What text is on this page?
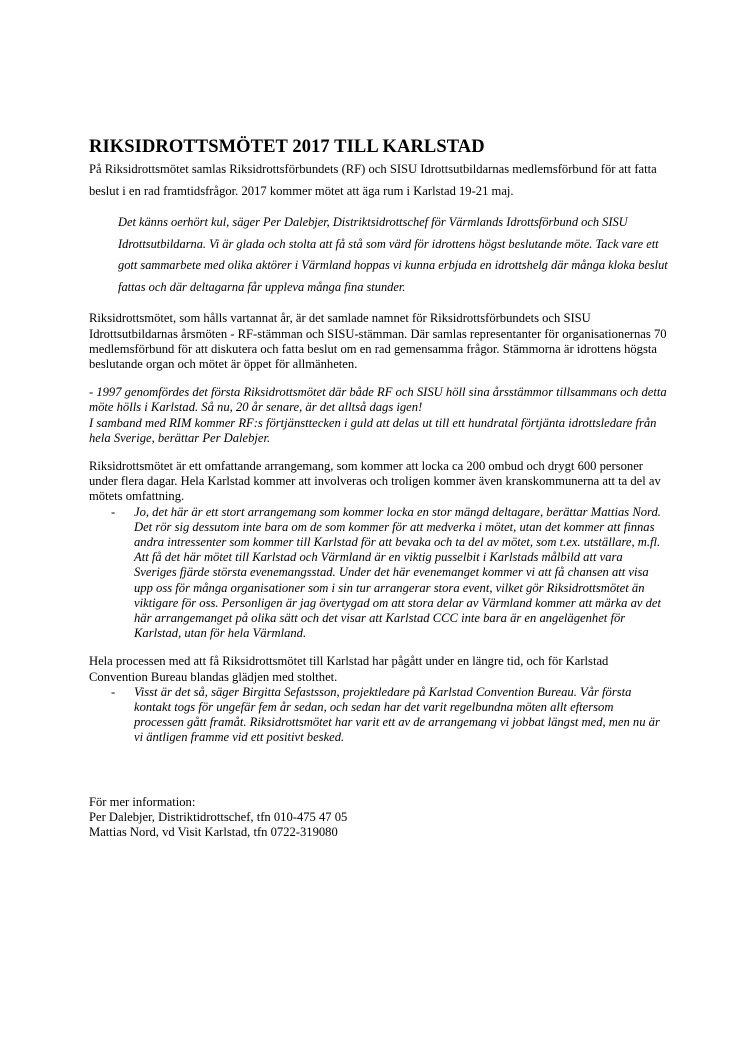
RIKSIDROTTSMÖTET 2017 TILL KARLSTAD

På Riksidrottsmötet samlas Riksidrottsförbundets (RF) och SISU Idrottsutbildarnas medlemsförbund för att fatta beslut i en rad framtidsfrågor. 2017 kommer mötet att äga rum i Karlstad 19-21 maj.

Det känns oerhört kul, säger Per Dalebjer, Distriktsidrottschef för Värmlands Idrottsförbund och SISU Idrottsutbildarna. Vi är glada och stolta att få stå som värd för idrottens högst beslutande möte. Tack vare ett gott sammarbete med olika aktörer i Värmland hoppas vi kunna erbjuda en idrottshelg där många kloka beslut fattas och där deltagarna får uppleva många fina stunder.

Riksidrottsmötet, som hålls vartannat år, är det samlade namnet för Riksidrottsförbundets och SISU Idrottsutbildarnas årsmöten - RF-stämman och SISU-stämman. Där samlas representanter för organisationernas 70 medlemsförbund för att diskutera och fatta beslut om en rad gemensamma frågor. Stämmorna är idrottens högsta beslutande organ och mötet är öppet för allmänheten.

- 1997 genomfördes det första Riksidrottsmötet där både RF och SISU höll sina årsstämmor tillsammans och detta möte hölls i Karlstad. Så nu, 20 år senare, är det alltså dags igen!

I samband med RIM kommer RF:s förtjänsttecken i guld att delas ut till ett hundratal förtjänta idrottsledare från hela Sverige, berättar Per Dalebjer.

Riksidrottsmötet är ett omfattande arrangemang, som kommer att locka ca 200 ombud och drygt 600 personer under flera dagar. Hela Karlstad kommer att involveras och troligen kommer även kranskommunerna att ta del av mötets omfattning.

- Jo, det här är ett stort arrangemang som kommer locka en stor mängd deltagare, berättar Mattias Nord. Det rör sig dessutom inte bara om de som kommer för att medverka i mötet, utan det kommer att finnas andra intressenter som kommer till Karlstad för att bevaka och ta del av mötet, som t.ex. utställare, m.fl. Att få det här mötet till Karlstad och Värmland är en viktig pusselbit i Karlstads målbild att vara Sveriges fjärde största evenemangsstad. Under det här evenemanget kommer vi att få chansen att visa upp oss för många organisationer som i sin tur arrangerar stora event, vilket gör Riksidrottsmötet än viktigare för oss. Personligen är jag övertygad om att stora delar av Värmland kommer att märka av det här arrangemanget på olika sätt och det visar att Karlstad CCC inte bara är en angelägenhet för Karlstad, utan för hela Värmland.

Hela processen med att få Riksidrottsmötet till Karlstad har pågått under en längre tid, och för Karlstad Convention Bureau blandas glädjen med stolthet.

- Visst är det så, säger Birgitta Sefastsson, projektledare på Karlstad Convention Bureau. Vår första kontakt togs för ungefär fem år sedan, och sedan har det varit regelbundna möten allt eftersom processen gått framåt. Riksidrottsmötet har varit ett av de arrangemang vi jobbat längst med, men nu är vi äntligen framme vid ett positivt besked.
För mer information:
Per Dalebjer, Distriktidrottschef, tfn 010-475 47 05
Mattias Nord, vd Visit Karlstad, tfn 0722-319080
